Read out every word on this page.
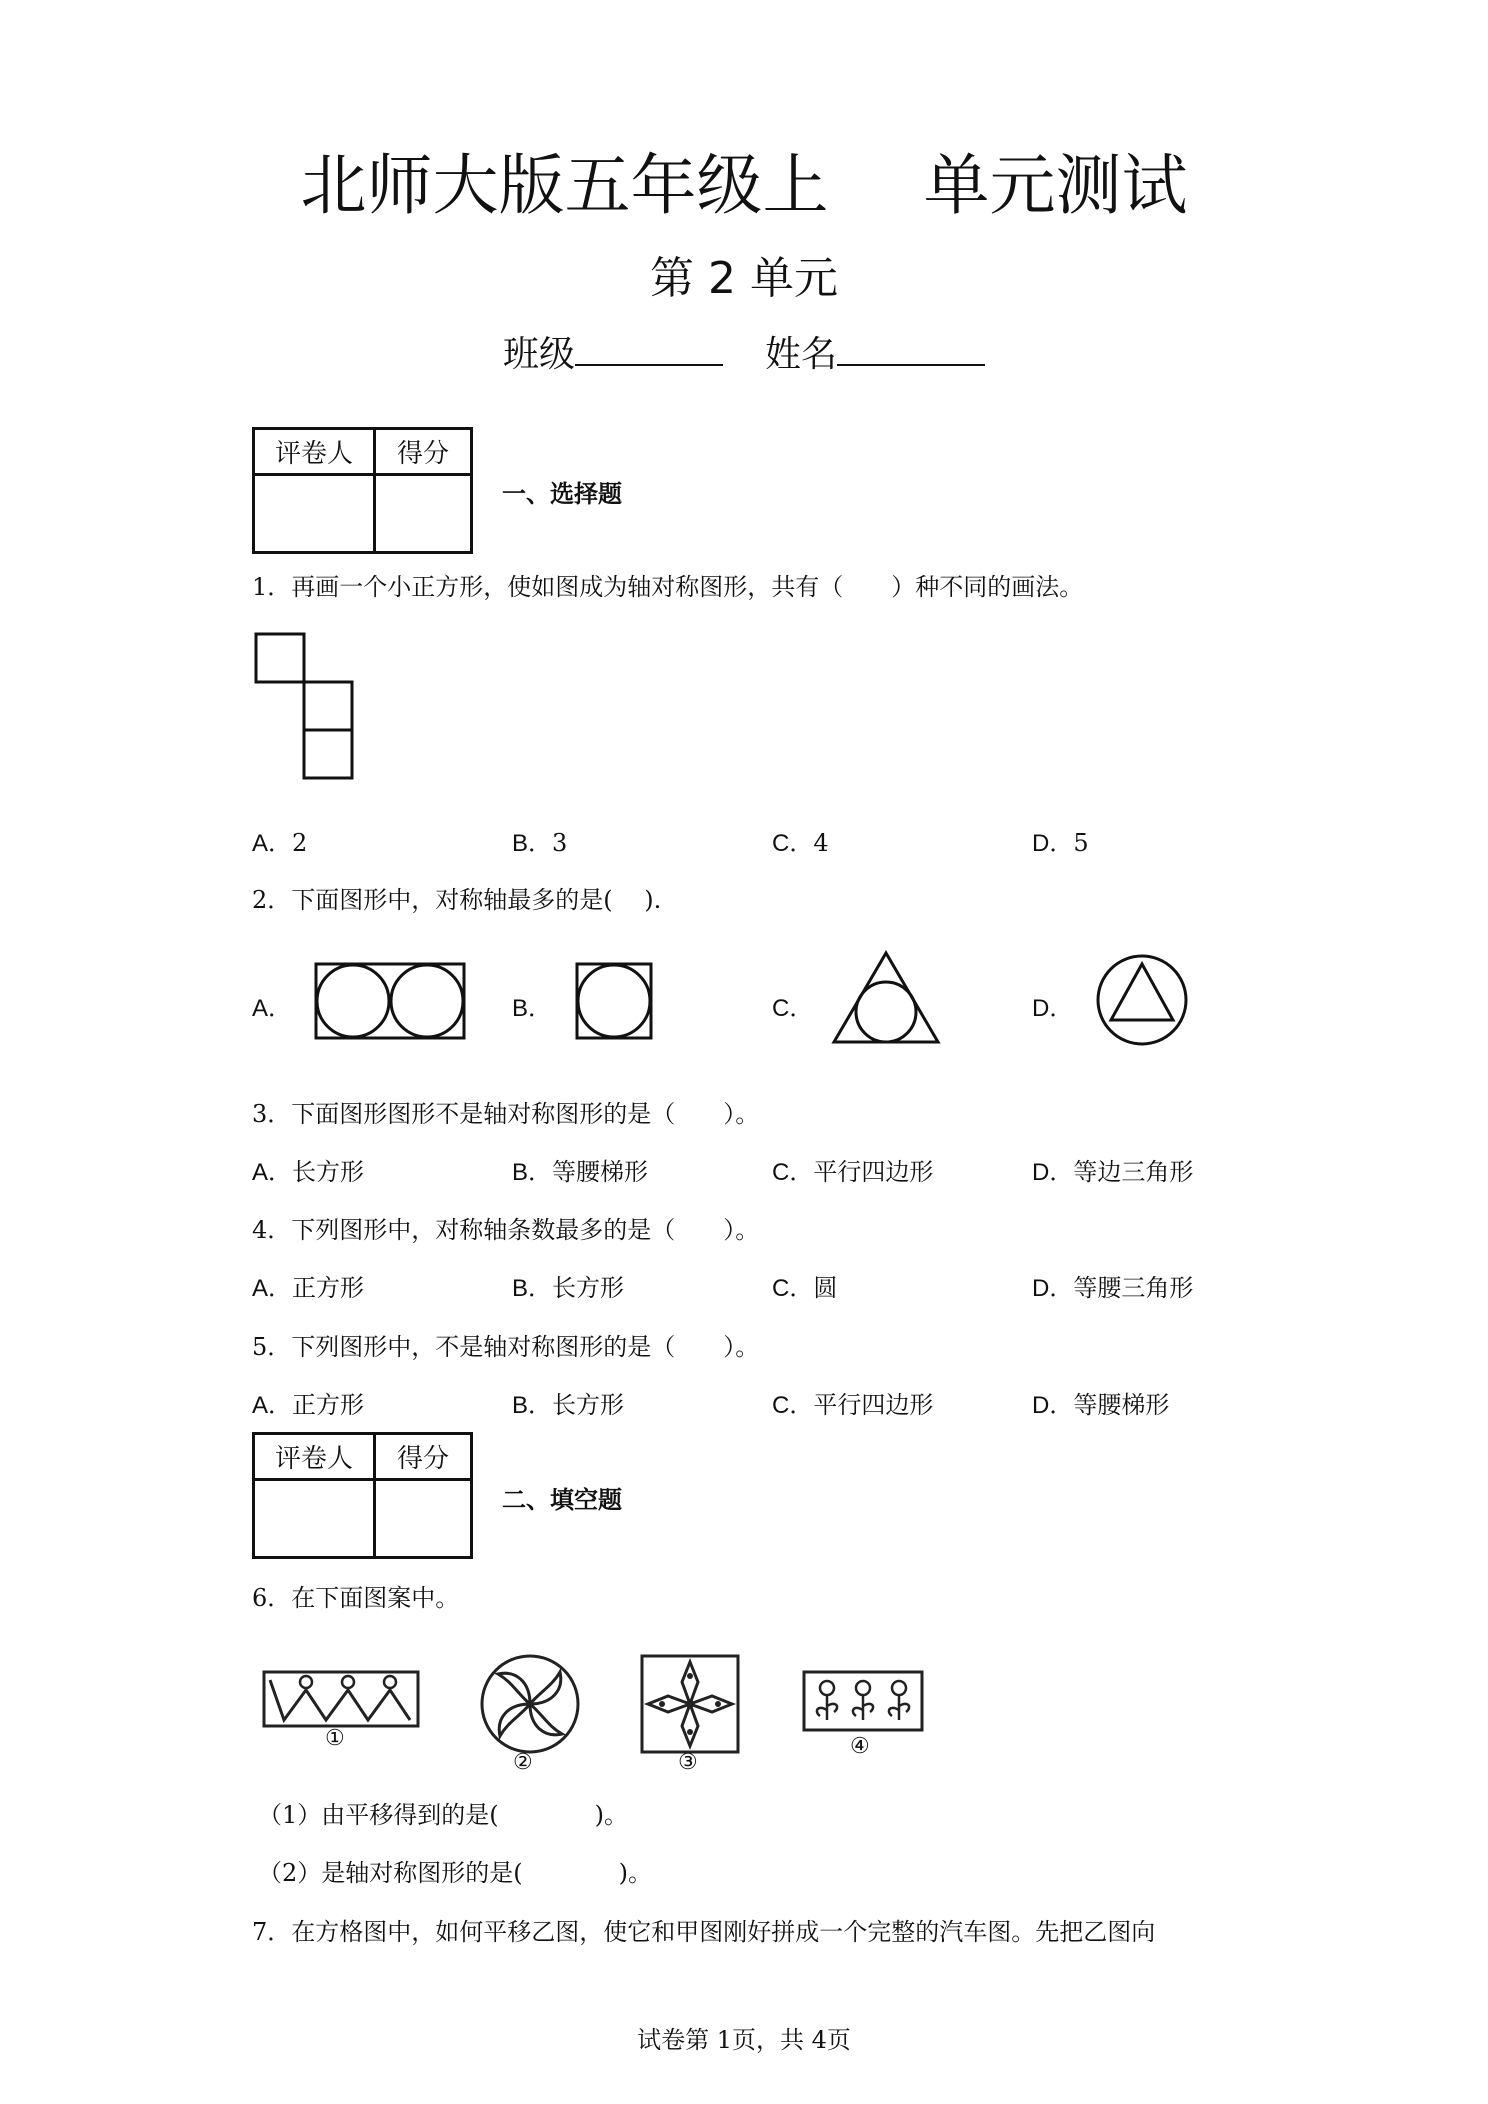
北师大版五年级上 单元测试
第 2 单元
班级	姓名
评卷人	得分

一、选择题
1．再画一个小正方形，使如图成为轴对称图形，共有（　　）种不同的画法。
A．2	B．3	C．4	D．5
2．下面图形中，对称轴最多的是(　 ).
A．	B．	C．	D．
3．下面图形图形不是轴对称图形的是（　　）。
A．长方形	B．等腰梯形	C．平行四边形	D．等边三角形
4．下列图形中，对称轴条数最多的是（　　）。
A．正方形	B．长方形	C．圆	D．等腰三角形
5．下列图形中，不是轴对称图形的是（　　）。
A．正方形	B．长方形	C．平行四边形	D．等腰梯形
评卷人	得分

二、填空题
6．在下面图案中。
①
②	③
④
（1）由平移得到的是(　　　　)。
（2）是轴对称图形的是(　　　　)。
7．在方格图中，如何平移乙图，使它和甲图刚好拼成一个完整的汽车图。先把乙图向
试卷第 1页，共 4页
